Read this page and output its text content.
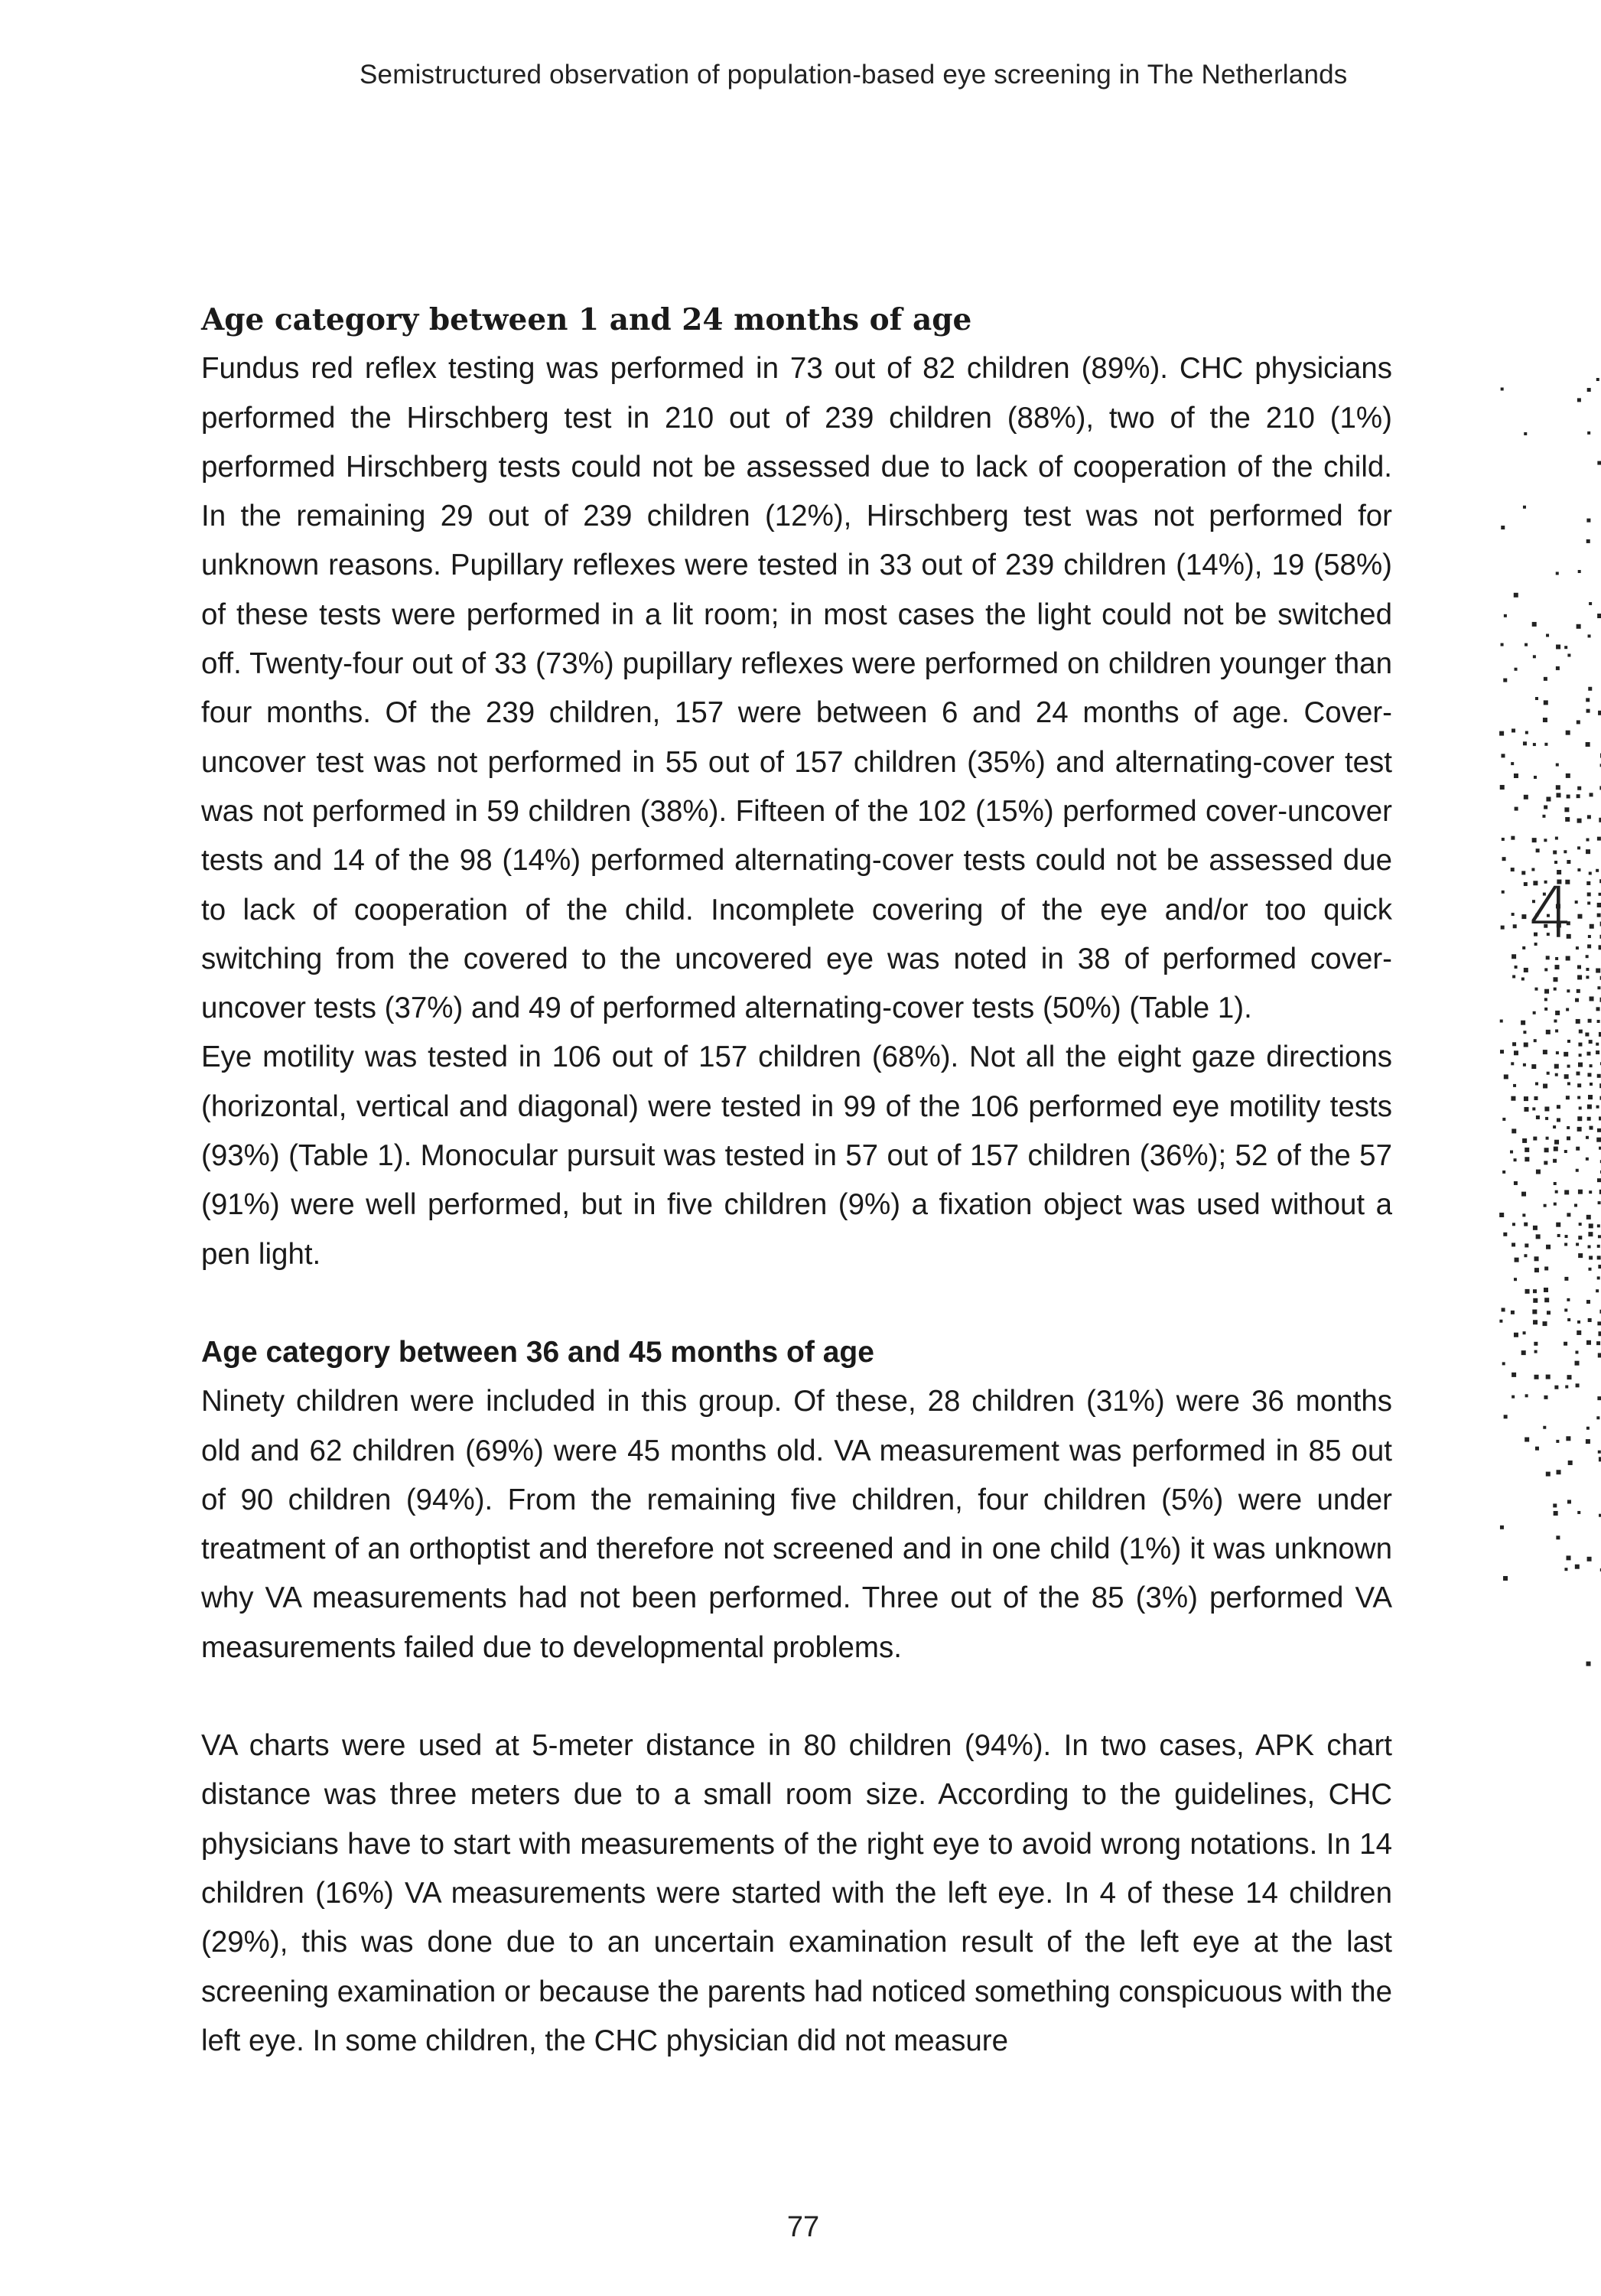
Semistructured observation of population-based eye screening in The Netherlands
Age category between 1 and 24 months of age

Fundus red reflex testing was performed in 73 out of 82 children (89%). CHC physicians performed the Hirschberg test in 210 out of 239 children (88%), two of the 210 (1%) performed Hirschberg tests could not be assessed due to lack of cooperation of the child. In the remaining 29 out of 239 children (12%), Hirschberg test was not performed for unknown reasons. Pupillary reflexes were tested in 33 out of 239 children (14%), 19 (58%) of these tests were performed in a lit room; in most cases the light could not be switched off. Twenty-four out of 33 (73%) pupillary reflexes were performed on children younger than four months. Of the 239 children, 157 were between 6 and 24 months of age. Cover-uncover test was not performed in 55 out of 157 children (35%) and alternating-cover test was not performed in 59 children (38%). Fifteen of the 102 (15%) performed cover-uncover tests and 14 of the 98 (14%) performed alternating-cover tests could not be assessed due to lack of cooperation of the child. Incomplete covering of the eye and/or too quick switching from the covered to the uncovered eye was noted in 38 of performed cover-uncover tests (37%) and 49 of performed alternating-cover tests (50%) (Table 1).

Eye motility was tested in 106 out of 157 children (68%). Not all the eight gaze directions (horizontal, vertical and diagonal) were tested in 99 of the 106 performed eye motility tests (93%) (Table 1). Monocular pursuit was tested in 57 out of 157 children (36%); 52 of the 57 (91%) were well performed, but in five children (9%) a fixation object was used without a pen light.

Age category between 36 and 45 months of age

Ninety children were included in this group. Of these, 28 children (31%) were 36 months old and 62 children (69%) were 45 months old. VA measurement was performed in 85 out of 90 children (94%). From the remaining five children, four children (5%) were under treatment of an orthoptist and therefore not screened and in one child (1%) it was unknown why VA measurements had not been performed. Three out of the 85 (3%) performed VA measurements failed due to developmental problems.

VA charts were used at 5-meter distance in 80 children (94%). In two cases, APK chart distance was three meters due to a small room size. According to the guidelines, CHC physicians have to start with measurements of the right eye to avoid wrong notations. In 14 children (16%) VA measurements were started with the left eye. In 4 of these 14 children (29%), this was done due to an uncertain examination result of the left eye at the last screening examination or because the parents had noticed something conspicuous with the left eye. In some children, the CHC physician did not measure

4
77
